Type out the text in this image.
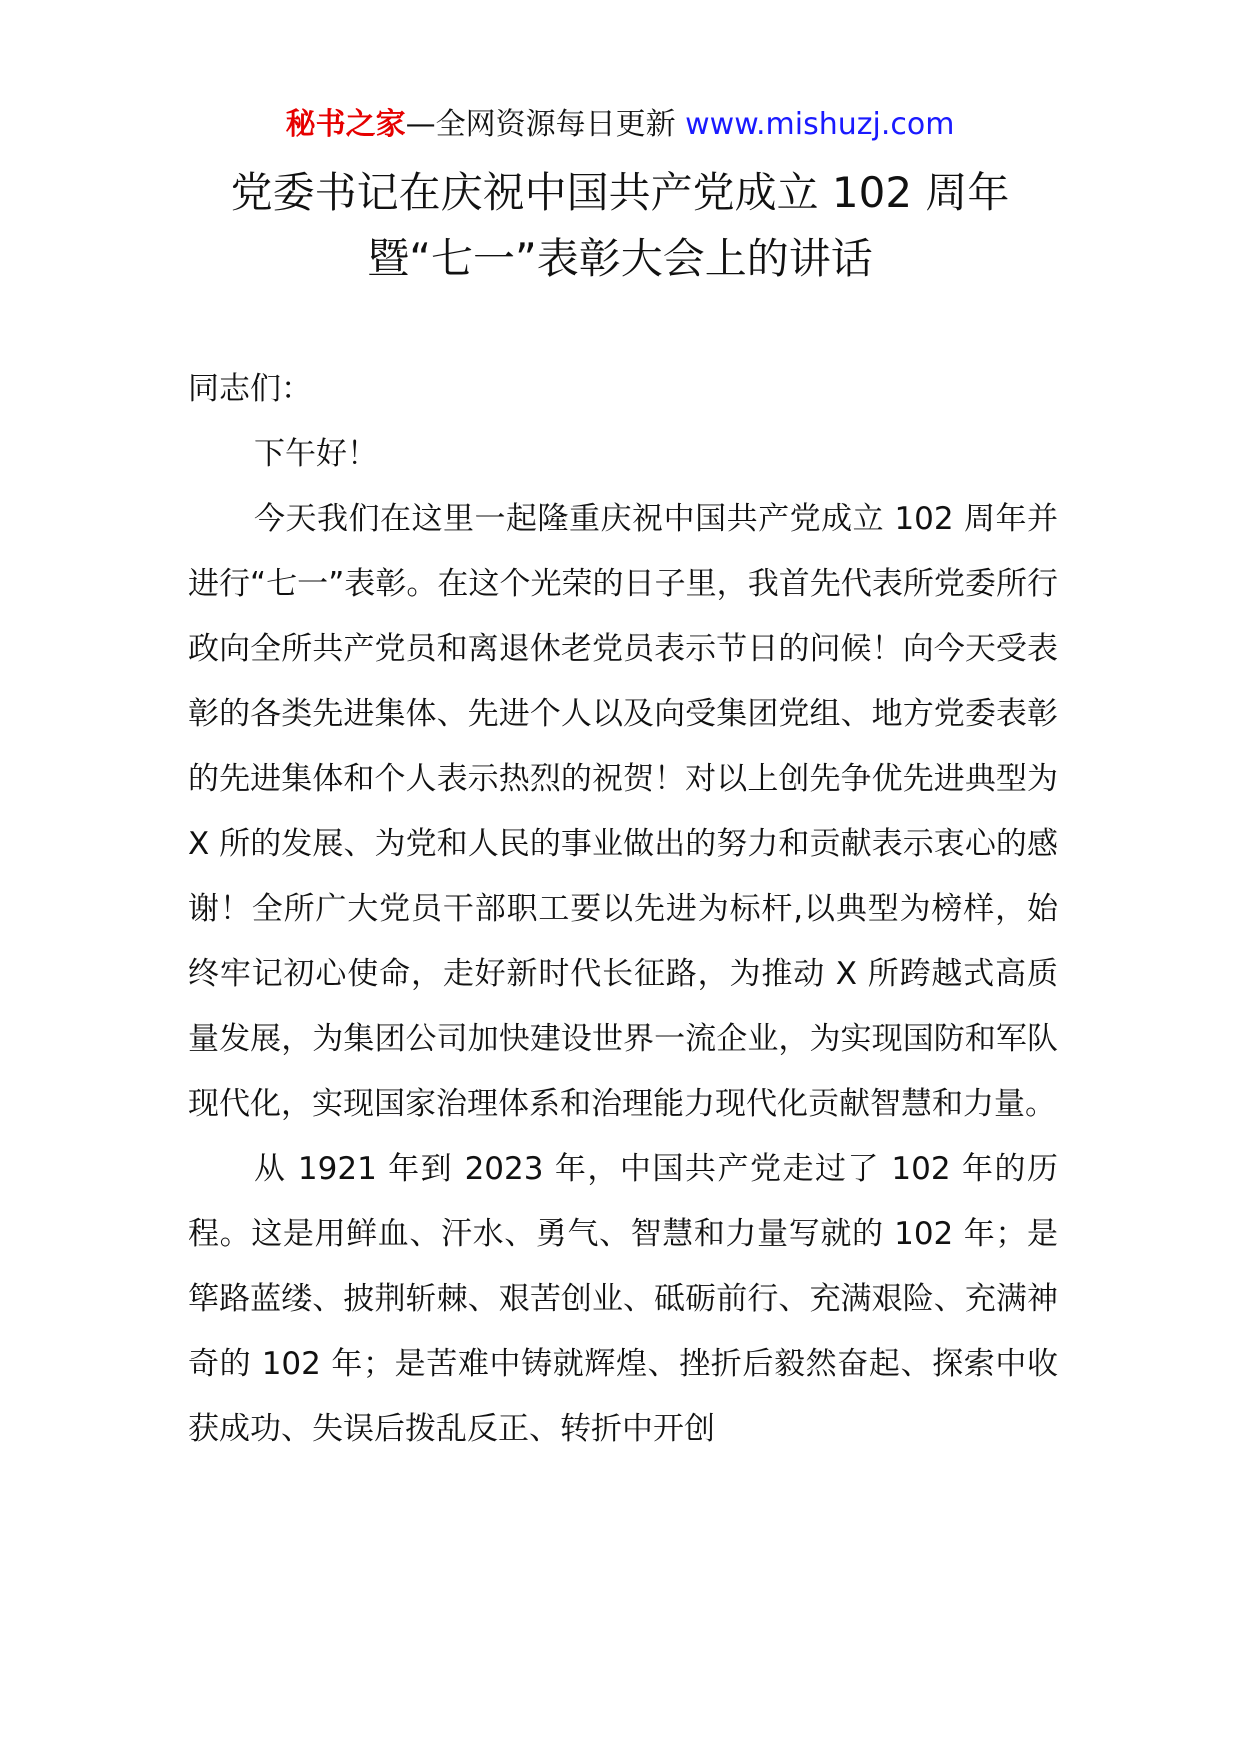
秘书之家—全网资源每日更新 www.mishuzj.com
党委书记在庆祝中国共产党成立 102 周年
暨“七一”表彰大会上的讲话

同志们：

下午好！

今天我们在这里一起隆重庆祝中国共产党成立 102 周年并进行“七一”表彰。在这个光荣的日子里，我首先代表所党委所行政向全所共产党员和离退休老党员表示节日的问候！向今天受表彰的各类先进集体、先进个人以及向受集团党组、地方党委表彰的先进集体和个人表示热烈的祝贺！对以上创先争优先进典型为 X 所的发展、为党和人民的事业做出的努力和贡献表示衷心的感谢！全所广大党员干部职工要以先进为标杆,以典型为榜样，始终牢记初心使命，走好新时代长征路，为推动 X 所跨越式高质量发展，为集团公司加快建设世界一流企业，为实现国防和军队现代化，实现国家治理体系和治理能力现代化贡献智慧和力量。

从 1921 年到 2023 年，中国共产党走过了 102 年的历程。这是用鲜血、汗水、勇气、智慧和力量写就的 102 年；是筚路蓝缕、披荆斩棘、艰苦创业、砥砺前行、充满艰险、充满神奇的 102 年；是苦难中铸就辉煌、挫折后毅然奋起、探索中收获成功、失误后拨乱反正、转折中开创
